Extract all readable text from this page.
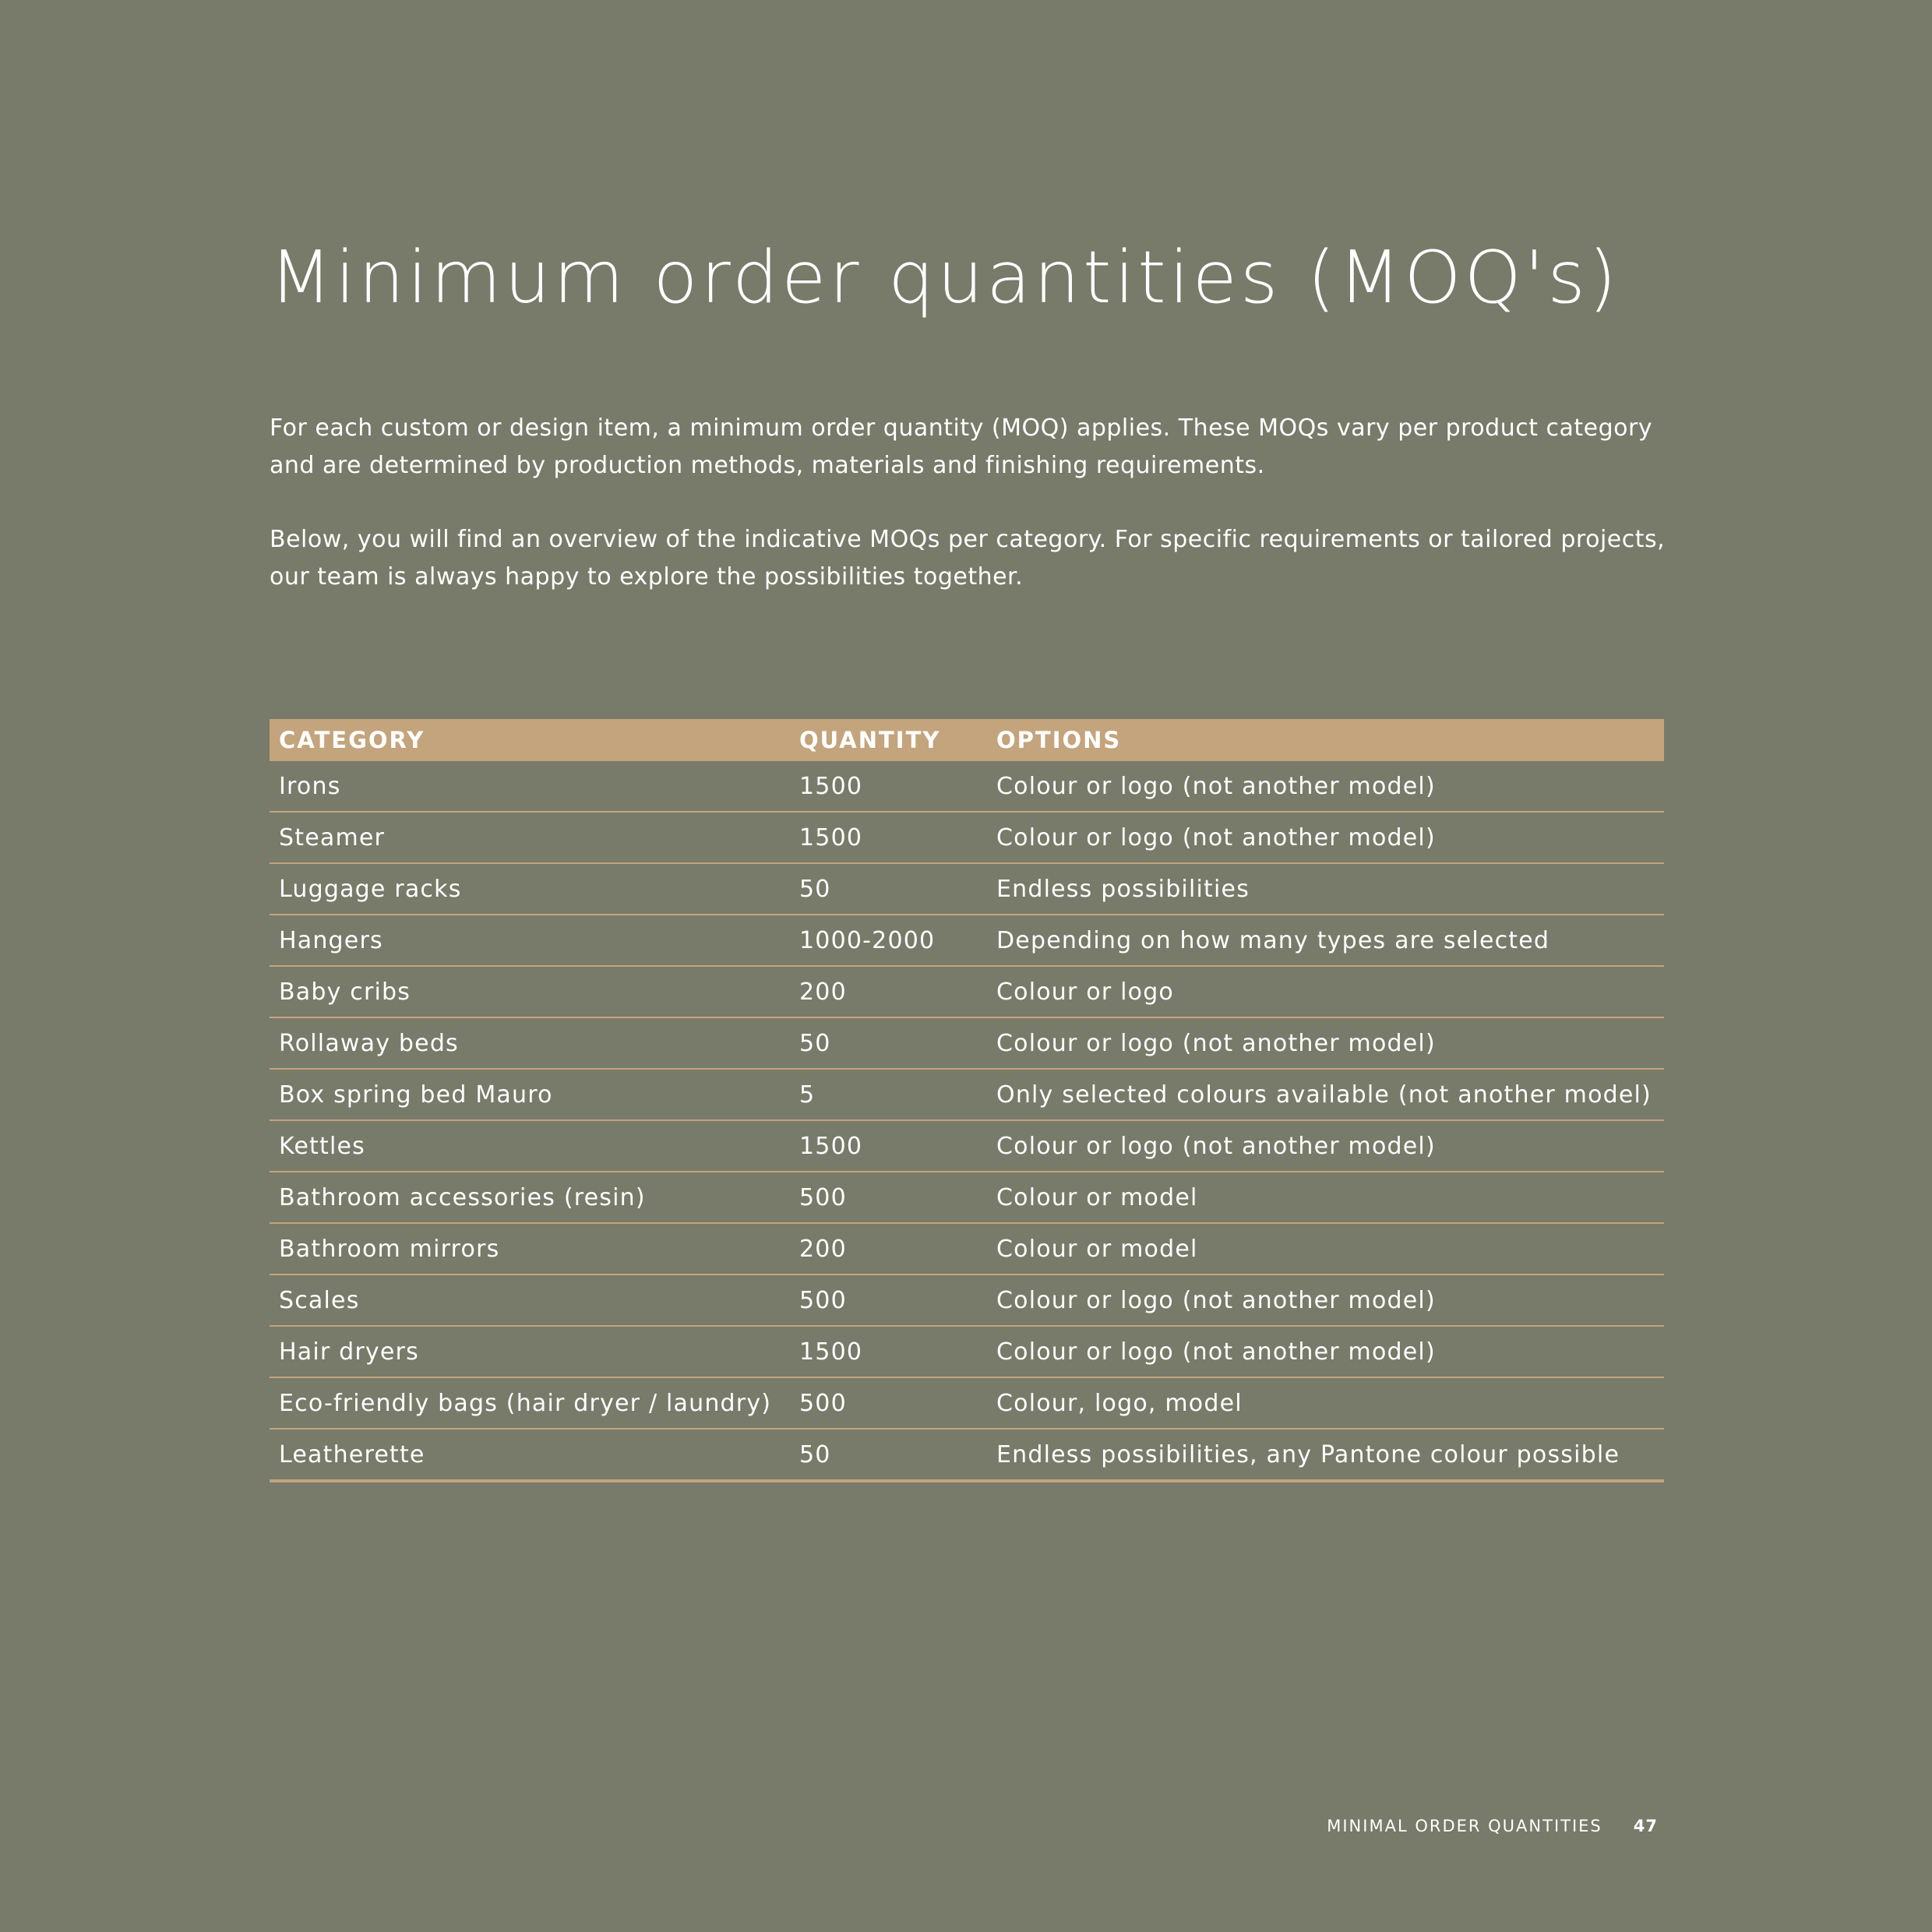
Minimum order quantities (MOQ's)

For each custom or design item, a minimum order quantity (MOQ) applies. These MOQs vary per product category
and are determined by production methods, materials and finishing requirements.

Below, you will find an overview of the indicative MOQs per category. For specific requirements or tailored projects,
our team is always happy to explore the possibilities together.

CATEGORY	QUANTITY	OPTIONS
Irons	1500	Colour or logo (not another model)
Steamer	1500	Colour or logo (not another model)
Luggage racks	50	Endless possibilities
Hangers	1000-2000	Depending on how many types are selected
Baby cribs	200	Colour or logo
Rollaway beds	50	Colour or logo (not another model)
Box spring bed Mauro	5	Only selected colours available (not another model)
Kettles	1500	Colour or logo (not another model)
Bathroom accessories (resin)	500	Colour or model
Bathroom mirrors	200	Colour or model
Scales	500	Colour or logo (not another model)
Hair dryers	1500	Colour or logo (not another model)
Eco-friendly bags (hair dryer / laundry)	500	Colour, logo, model
Leatherette	50	Endless possibilities, any Pantone colour possible
MINIMAL ORDER QUANTITIES 47
